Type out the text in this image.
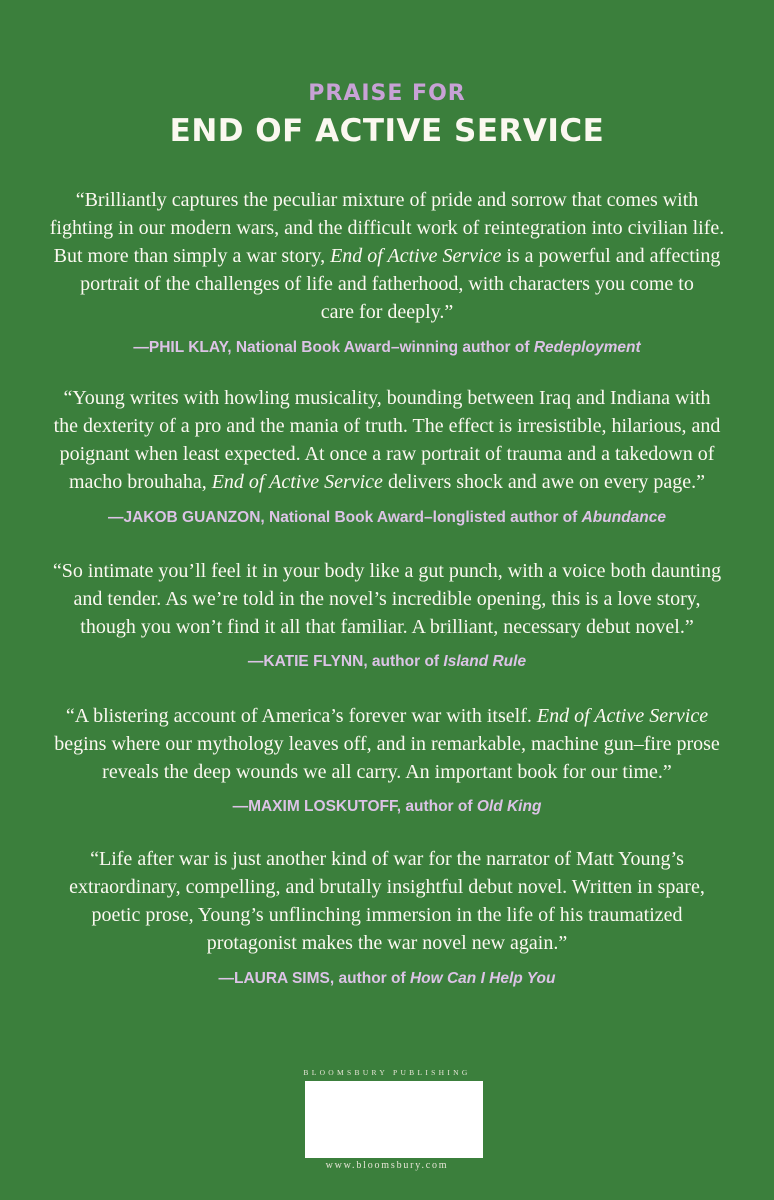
PRAISE FOR
END OF ACTIVE SERVICE
“Brilliantly captures the peculiar mixture of pride and sorrow that comes with
fighting in our modern wars, and the difficult work of reintegration into civilian life.
But more than simply a war story, End of Active Service is a powerful and affecting
portrait of the challenges of life and fatherhood, with characters you come to
care for deeply.”
—PHIL KLAY, National Book Award–winning author of Redeployment
“Young writes with howling musicality, bounding between Iraq and Indiana with
the dexterity of a pro and the mania of truth. The effect is irresistible, hilarious, and
poignant when least expected. At once a raw portrait of trauma and a takedown of
macho brouhaha, End of Active Service delivers shock and awe on every page.”
—JAKOB GUANZON, National Book Award–longlisted author of Abundance
“So intimate you’ll feel it in your body like a gut punch, with a voice both daunting
and tender. As we’re told in the novel’s incredible opening, this is a love story,
though you won’t find it all that familiar. A brilliant, necessary debut novel.”
—KATIE FLYNN, author of Island Rule
“A blistering account of America’s forever war with itself. End of Active Service
begins where our mythology leaves off, and in remarkable, machine gun–fire prose
reveals the deep wounds we all carry. An important book for our time.”
—MAXIM LOSKUTOFF, author of Old King
“Life after war is just another kind of war for the narrator of Matt Young’s
extraordinary, compelling, and brutally insightful debut novel. Written in spare,
poetic prose, Young’s unflinching immersion in the life of his traumatized
protagonist makes the war novel new again.”
—LAURA SIMS, author of How Can I Help You
BLOOMSBURY PUBLISHING
www.bloomsbury.com
